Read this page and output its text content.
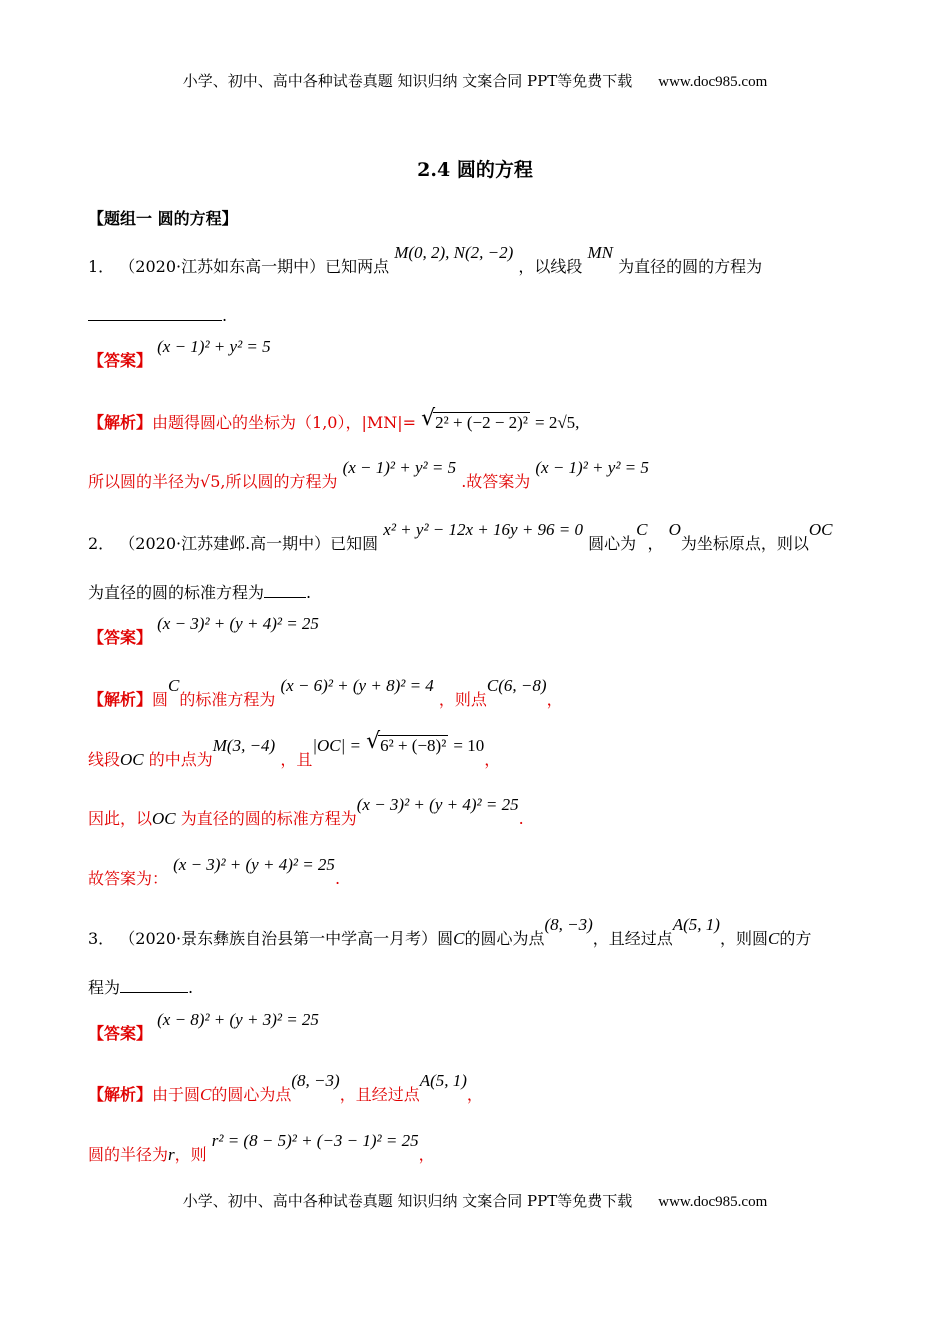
小学、初中、高中各种试卷真题 知识归纳 文案合同 PPT等免费下载 www.doc985.com
2.4 圆的方程
【题组一 圆的方程】
1． （2020·江苏如东高一期中）已知两点 M(0, 2), N(2, −2) ，以线段 MN 为直径的圆的方程为
.
【答案】 (x − 1)² + y² = 5
【解析】由题得圆心的坐标为（1,0），|MN|= √ 2² + (−2 − 2)² = 2√5,
所以圆的半径为√5,所以圆的方程为 (x − 1)² + y² = 5 .故答案为 (x − 1)² + y² = 5
2． （2020·江苏建邺.高一期中）已知圆 x² + y² − 12x + 16y + 96 = 0 圆心为C， O为坐标原点，则以OC
为直径的圆的标准方程为	.
【答案】 (x − 3)² + (y + 4)² = 25
【解析】圆C的标准方程为 (x − 6)² + (y + 8)² = 4 ，则点C(6, −8)，
线段OC 的中点为M(3, −4) ，且|OC| = √ 6² + (−8)² = 10，
因此，以OC 为直径的圆的标准方程为(x − 3)² + (y + 4)² = 25.
故答案为： (x − 3)² + (y + 4)² = 25.
3． （2020·景东彝族自治县第一中学高一月考）圆C的圆心为点(8, −3)，且经过点A(5, 1)，则圆C的方
程为	.
【答案】 (x − 8)² + (y + 3)² = 25
【解析】由于圆C的圆心为点(8, −3)，且经过点A(5, 1)，
圆的半径为r，则 r² = (8 − 5)² + (−3 − 1)² = 25，
小学、初中、高中各种试卷真题 知识归纳 文案合同 PPT等免费下载 www.doc985.com
